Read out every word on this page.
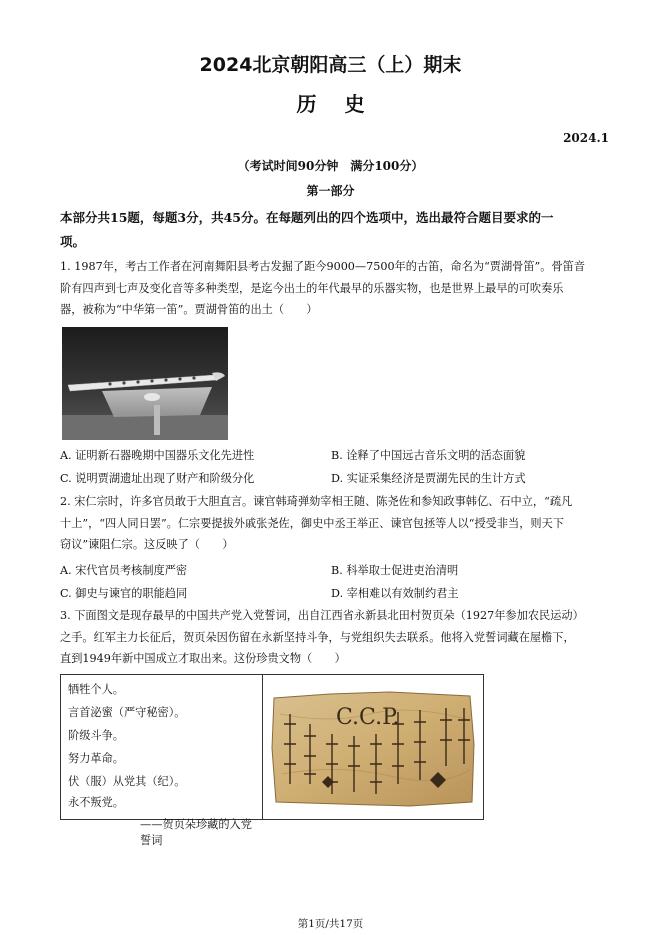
2024北京朝阳高三（上）期末
历史
2024.1
（考试时间90分钟　满分100分）
第一部分
本部分共15题，每题3分，共45分。在每题列出的四个选项中，选出最符合题目要求的一
项。
1. 1987年，考古工作者在河南舞阳县考古发掘了距今9000—7500年的古笛，命名为“贾湖骨笛”。骨笛音
阶有四声到七声及变化音等多种类型，是迄今出土的年代最早的乐器实物，也是世界上最早的可吹奏乐
器，被称为“中华第一笛”。贾湖骨笛的出土（　　）
A. 证明新石器晚期中国器乐文化先进性	B. 诠释了中国远古音乐文明的活态面貌
C. 说明贾湖遗址出现了财产和阶级分化	D. 实证采集经济是贾湖先民的生计方式
2. 宋仁宗时，许多官员敢于大胆直言。谏官韩琦弹劾宰相王随、陈尧佐和参知政事韩亿、石中立，“疏凡
十上”，“四人同日罢”。仁宗要提拔外戚张尧佐，御史中丞王举正、谏官包拯等人以“授受非当，则天下
窃议”谏阻仁宗。这反映了（　　）
A. 宋代官员考核制度严密	B. 科举取士促进吏治清明
C. 御史与谏官的职能趋同	D. 宰相难以有效制约君主
3. 下面图文是现存最早的中国共产党入党誓词，出自江西省永新县北田村贺页朵（1927年参加农民运动）
之手。红军主力长征后，贺页朵因伤留在永新坚持斗争，与党组织失去联系。他将入党誓词藏在屋檐下，
直到1949年新中国成立才取出来。这份珍贵文物（　　）
牺牲个人。
言首泌蜜（严守秘密）。
阶级斗争。
努力革命。
伏（服）从党其（纪）。
永不叛党。
——贺页朵珍藏的入党誓词
C.C.P.
第1页/共17页
